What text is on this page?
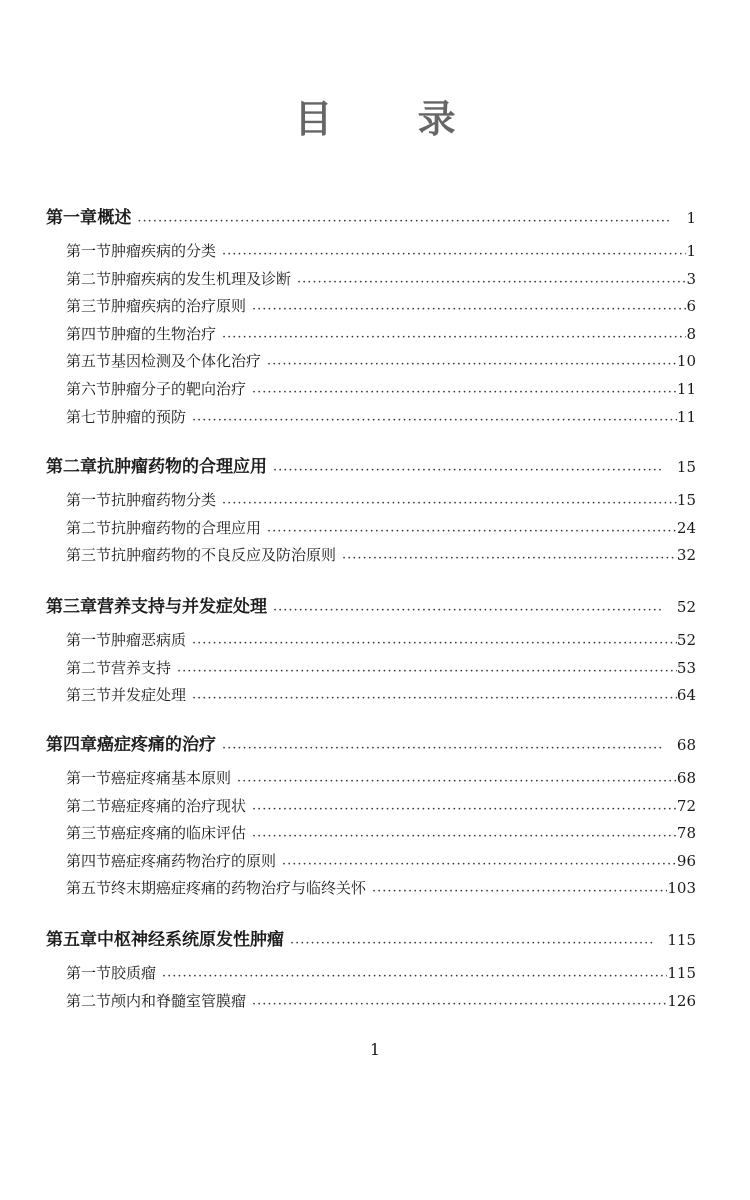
目 录
第一章 概述 ·····	1
第一节 肿瘤疾病的分类 ·····	1
第二节 肿瘤疾病的发生机理及诊断 ·····	3
第三节 肿瘤疾病的治疗原则 ·····	6
第四节 肿瘤的生物治疗 ·····	8
第五节 基因检测及个体化治疗 ·····	10
第六节 肿瘤分子的靶向治疗 ·····	11
第七节 肿瘤的预防 ·····	11
第二章 抗肿瘤药物的合理应用 ·····	15
第一节 抗肿瘤药物分类 ·····	15
第二节 抗肿瘤药物的合理应用 ·····	24
第三节 抗肿瘤药物的不良反应及防治原则 ·····	32
第三章 营养支持与并发症处理 ·····	52
第一节 肿瘤恶病质 ·····	52
第二节 营养支持 ·····	53
第三节 并发症处理 ·····	64
第四章 癌症疼痛的治疗 ·····	68
第一节 癌症疼痛基本原则 ·····	68
第二节 癌症疼痛的治疗现状 ·····	72
第三节 癌症疼痛的临床评估 ·····	78
第四节 癌症疼痛药物治疗的原则 ·····	96
第五节 终末期癌症疼痛的药物治疗与临终关怀 ·····	103
第五章 中枢神经系统原发性肿瘤 ·····	115
第一节 胶质瘤 ·····	115
第二节 颅内和脊髓室管膜瘤 ·····	126
1
